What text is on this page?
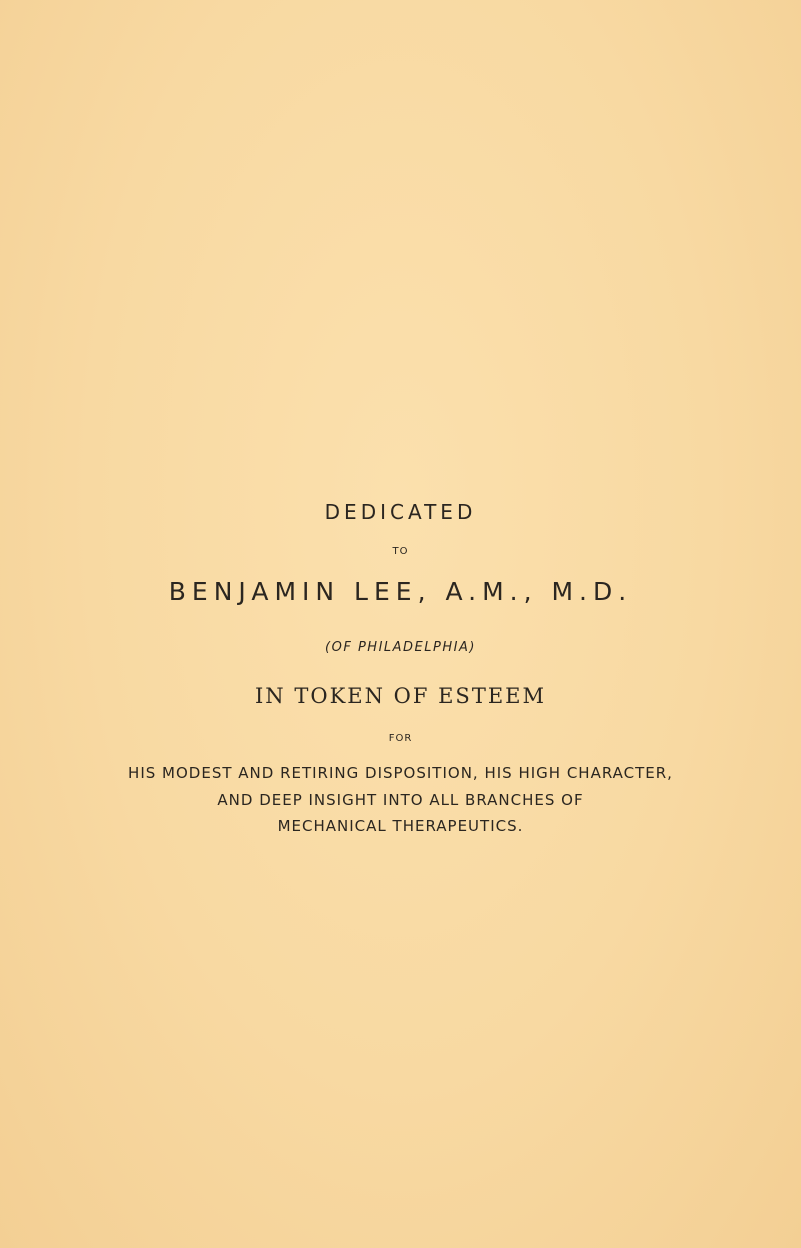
DEDICATED
TO
BENJAMIN LEE, A.M., M.D.
(OF PHILADELPHIA)
IN TOKEN OF ESTEEM
FOR
HIS MODEST AND RETIRING DISPOSITION, HIS HIGH CHARACTER,
AND DEEP INSIGHT INTO ALL BRANCHES OF
MECHANICAL THERAPEUTICS.
